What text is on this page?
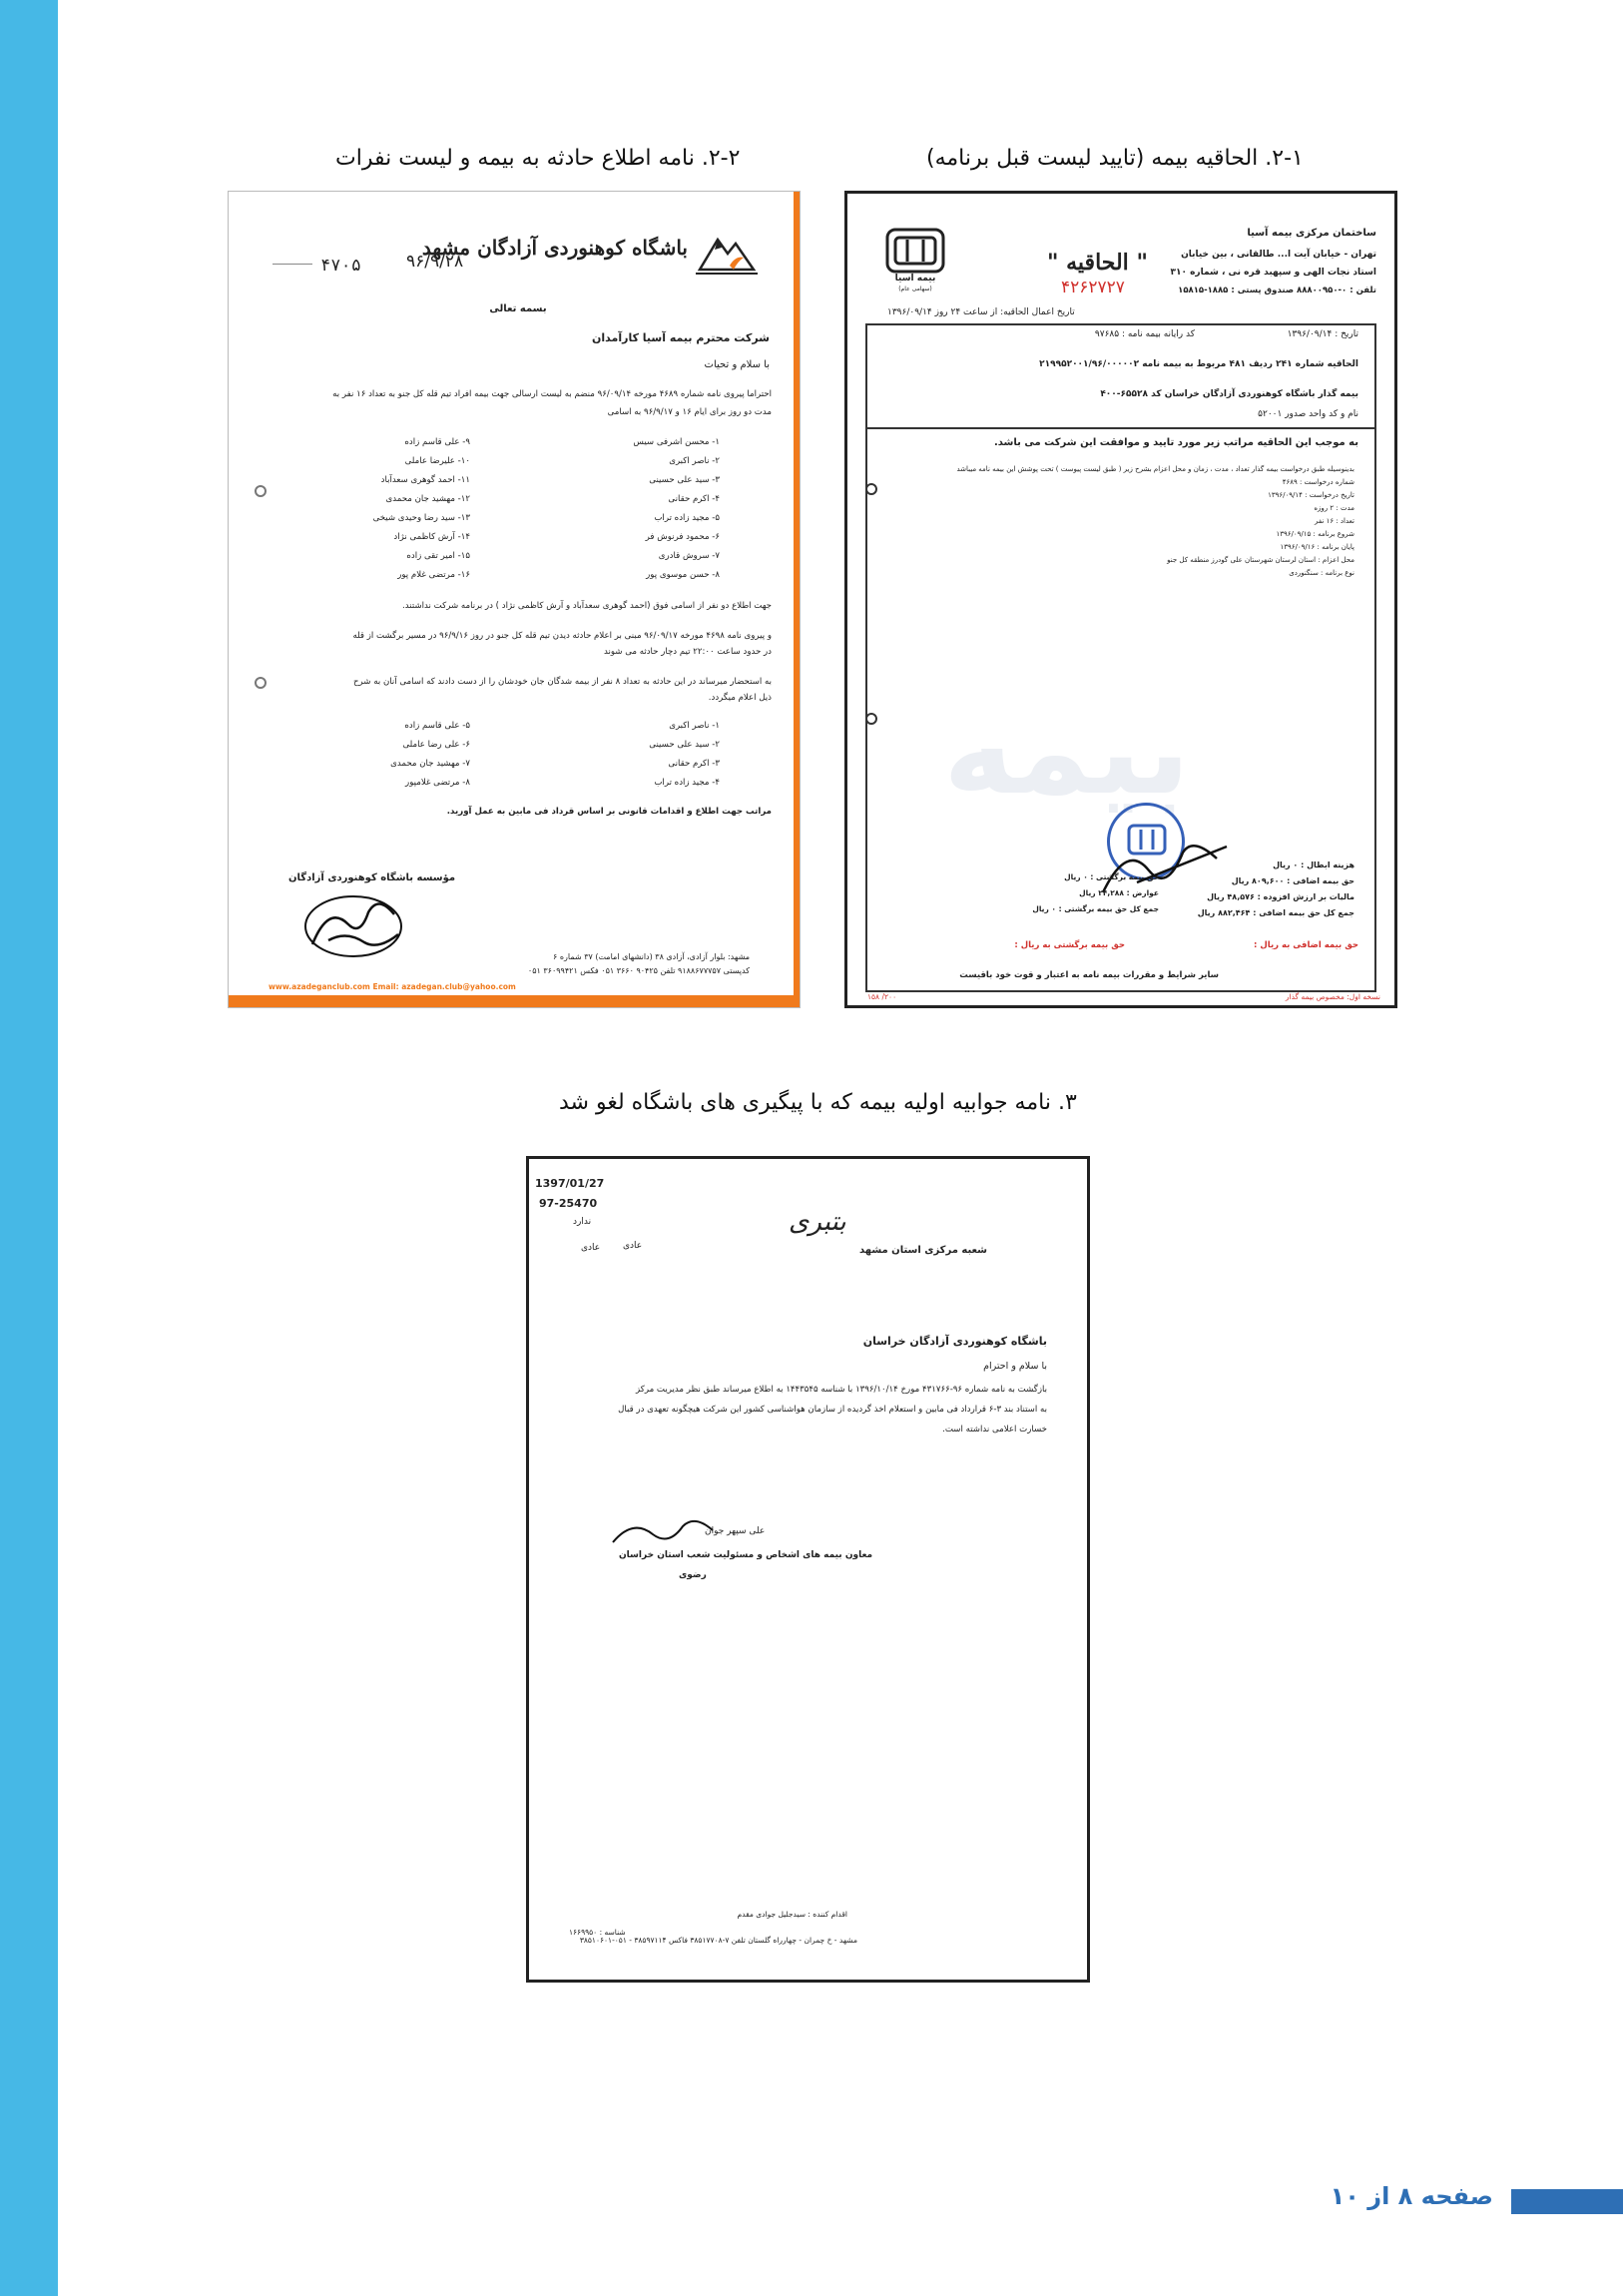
۲-۲. نامه اطلاع حادثه به بیمه و لیست نفرات	۲-۱. الحاقیه بیمه (تایید لیست قبل برنامه)
۳. نامه جوابیه اولیه بیمه که با پیگیری های باشگاه لغو شد
باشگاه کوهنوردی آزادگان مشهد
۴۷۰۵	۹۶/۹/۲۸
بسمه تعالی
شرکت محترم بیمه آسیا کارآمدان
با سلام و تحیات
احتراما پیروی نامه شماره ۴۶۸۹ مورخه ۹۶/۰۹/۱۴ منضم به لیست ارسالی جهت بیمه افراد تیم قله کل جنو به تعداد ۱۶ نفر به
مدت دو روز برای ایام ۱۶ و ۹۶/۹/۱۷ به اسامی
۱- محسن اشرفی سیس
۲- ناصر اکبری
۳- سید علی حسینی
۴- اکرم حقانی
۵- مجید زاده تراب
۶- محمود فرنوش فر
۷- سروش قادری
۸- حسن موسوی پور
۹- علی قاسم زاده
۱۰- علیرضا عاملی
۱۱- احمد گوهری سعدآباد
۱۲- مهشید جان محمدی
۱۳- سید رضا وحیدی شیخی
۱۴- آرش کاظمی نژاد
۱۵- امیر تقی زاده
۱۶- مرتضی غلام پور
جهت اطلاع دو نفر از اسامی فوق (احمد گوهری سعدآباد و آرش کاظمی نژاد ) در برنامه شرکت نداشتند.
و پیروی نامه ۴۶۹۸ مورخه ۹۶/۰۹/۱۷ مبنی بر اعلام حادثه دیدن تیم قله کل جنو در روز ۹۶/۹/۱۶ در مسیر برگشت از قله
در حدود ساعت ۲۲:۰۰ تیم دچار حادثه می شوند
به استحضار میرساند در این حادثه به تعداد ۸ نفر از بیمه شدگان جان خودشان را از دست دادند که اسامی آنان به شرح
ذیل اعلام میگردد.
۱- ناصر اکبری
۲- سید علی حسینی
۳- اکرم حقانی
۴- مجید زاده تراب
۵- علی قاسم زاده
۶- علی رضا عاملی
۷- مهشید جان محمدی
۸- مرتضی غلامپور
مراتب جهت اطلاع و اقدامات قانونی بر اساس قرداد فی مابین به عمل آورید.
مؤسسه باشگاه کوهنوردی آزادگان
مشهد: بلوار آزادی، آزادی ۳۸ (دانشهای امامت) ۳۷ شماره ۶
کدپستی ۹۱۸۸۶۷۷۷۵۷ تلفن ۹۰۴۲۵ ۳۶۶۰ ۰۵۱ فکس ۳۶۰۹۹۴۲۱ ۰۵۱
www.azadeganclub.com Email: azadegan.club@yahoo.com
ساختمان مرکزی بیمه آسیا
تهران - خیابان آیت ا... طالقانی ، بین خیابان
استاد نجات الهی و سپهبد قره نی ، شماره ۳۱۰
تلفن : ۰-۸۸۸۰۰۹۵۰ صندوق پستی : ۱۸۸۵-۱۵۸۱۵
" الحاقیه "
۴۲۶۲۷۲۷
بیمه آسیا
(سهامی عام)
تاریخ اعمال الحاقیه: از ساعت ۲۴ روز ۱۳۹۶/۰۹/۱۴
تاریخ : ۱۳۹۶/۰۹/۱۴
کد رایانه بیمه نامه : ۹۷۶۸۵
الحاقیه شماره ۲۴۱ ردیف ۴۸۱ مربوط به بیمه نامه ۲۱۹۹۵۲۰۰۱/۹۶/۰۰۰۰۰۲
بیمه گذار باشگاه کوهنوردی آزادگان خراسان کد ۶۵۵۲۸-۴۰۰
نام و کد واحد صدور ۵۲۰۰۱
به موجب این الحاقیه مراتب زیر مورد تایید و موافقت این شرکت می باشد.
بدینوسیله طبق درخواست بیمه گذار تعداد ، مدت ، زمان و محل اعزام بشرح زیر ( طبق لیست پیوست ) تحت پوشش این بیمه نامه میباشد
شماره درخواست : ۴۶۸۹
تاریخ درخواست : ۱۳۹۶/۰۹/۱۴
مدت : ۲ روزه
تعداد : ۱۶ نفر
شروع برنامه : ۱۳۹۶/۰۹/۱۵
پایان برنامه : ۱۳۹۶/۰۹/۱۶
محل اعزام : استان لرستان شهرستان علی گودرز منطقه کل جنو
نوع برنامه : سنگنوردی
بیمه
هزینه ابطال : ۰ ریال
حق بیمه اضافی : ۸۰۹,۶۰۰ ریال
مالیات بر ارزش افزوده : ۴۸,۵۷۶ ریال
جمع کل حق بیمه اضافی : ۸۸۲,۴۶۴ ریال
حق بیمه برگشتی : ۰ ریال
عوارض : ۲۴,۲۸۸ ریال
جمع کل حق بیمه برگشتی : ۰ ریال
حق بیمه اضافی به ریال :
حق بیمه برگشتی به ریال :
سایر شرایط و مقررات بیمه نامه به اعتبار و قوت خود باقیست
نسخه اول: مخصوص بیمه گذار
۲۰۰/ ۱۵۸
1397/01/27
97-25470
ندارد
عادی	عادی
بتبری
شعبه مرکزی استان مشهد
باشگاه کوهنوردی آزادگان خراسان
با سلام و احترام
بازگشت به نامه شماره ۹۶-۴۳۱۷۶۶ مورخ ۱۳۹۶/۱۰/۱۴ با شناسه ۱۴۴۳۵۴۵ به اطلاع میرساند طبق نظر مدیریت مرکز
به استناد بند ۳-۶ قرارداد فی مابین و استعلام اخذ گردیده از سازمان هواشناسی کشور این شرکت هیچگونه تعهدی در قبال
خسارت اعلامی نداشته است.
علی سپهر جوان
معاون بیمه های اشخاص و مسئولیت شعب استان خراسان
رضوی
اقدام کننده : سیدجلیل جوادی مقدم
شناسه : ۱۶۶۹۹۵۰
مشهد - خ چمران - چهارراه گلستان تلفن ۷-۳۸۵۱۷۷۰۸ فاکس ۳۸۵۹۷۱۱۴ - ۰۵۱-۳۸۵۱۰۶۰۱
صفحه ۸ از ۱۰
